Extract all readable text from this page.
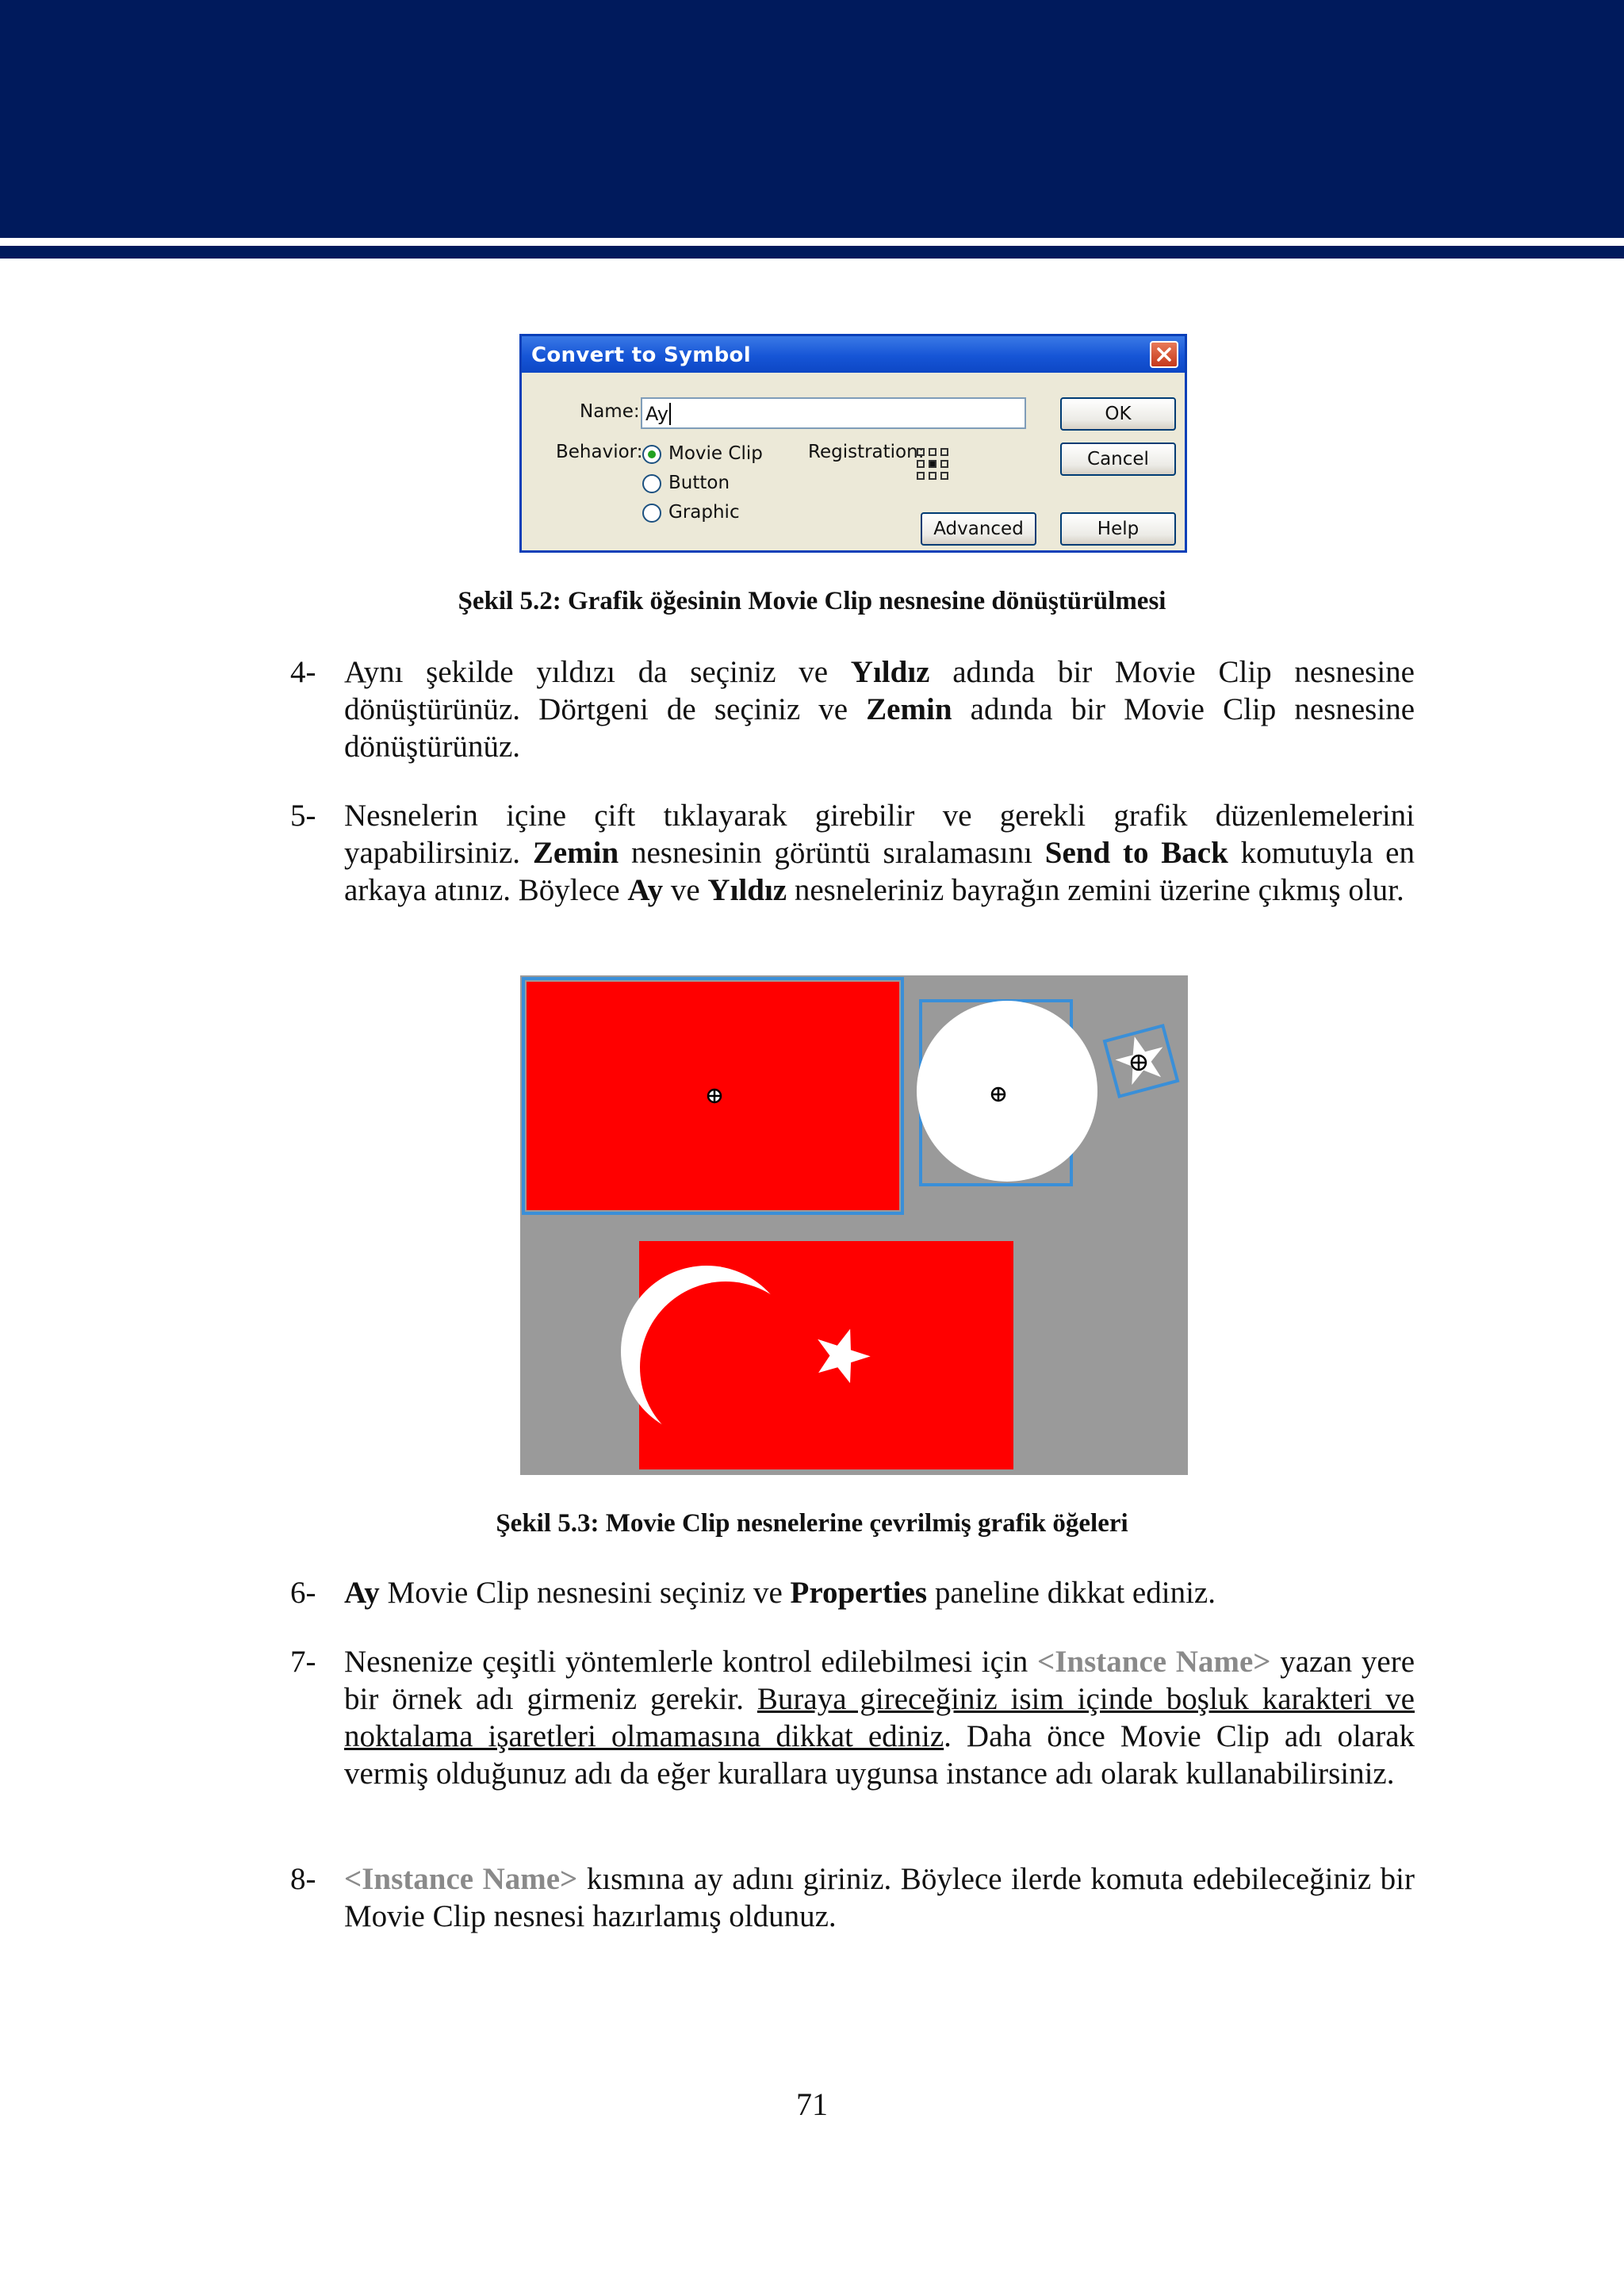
Convert to Symbol
Name: Ay
Behavior: Movie Clip
Button
Graphic
Registration:
OK
Cancel
Advanced	Help
Şekil 5.2: Grafik öğesinin Movie Clip nesnesine dönüştürülmesi
4- Aynı şekilde yıldızı da seçiniz ve Yıldız adında bir Movie Clip nesnesine dönüştürünüz. Dörtgeni de seçiniz ve Zemin adında bir Movie Clip nesnesine dönüştürünüz.
5- Nesnelerin içine çift tıklayarak girebilir ve gerekli grafik düzenlemelerini yapabilirsiniz. Zemin nesnesinin görüntü sıralamasını Send to Back komutuyla en arkaya atınız. Böylece Ay ve Yıldız nesneleriniz bayrağın zemini üzerine çıkmış olur.
Şekil 5.3: Movie Clip nesnelerine çevrilmiş grafik öğeleri
6- Ay Movie Clip nesnesini seçiniz ve Properties paneline dikkat ediniz.
7- Nesnenize çeşitli yöntemlerle kontrol edilebilmesi için <Instance Name> yazan yere bir örnek adı girmeniz gerekir. Buraya gireceğiniz isim içinde boşluk karakteri ve noktalama işaretleri olmamasına dikkat ediniz. Daha önce Movie Clip adı olarak vermiş olduğunuz adı da eğer kurallara uygunsa instance adı olarak kullanabilirsiniz.
8- <Instance Name> kısmına ay adını giriniz. Böylece ilerde komuta edebileceğiniz bir Movie Clip nesnesi hazırlamış oldunuz.
71
